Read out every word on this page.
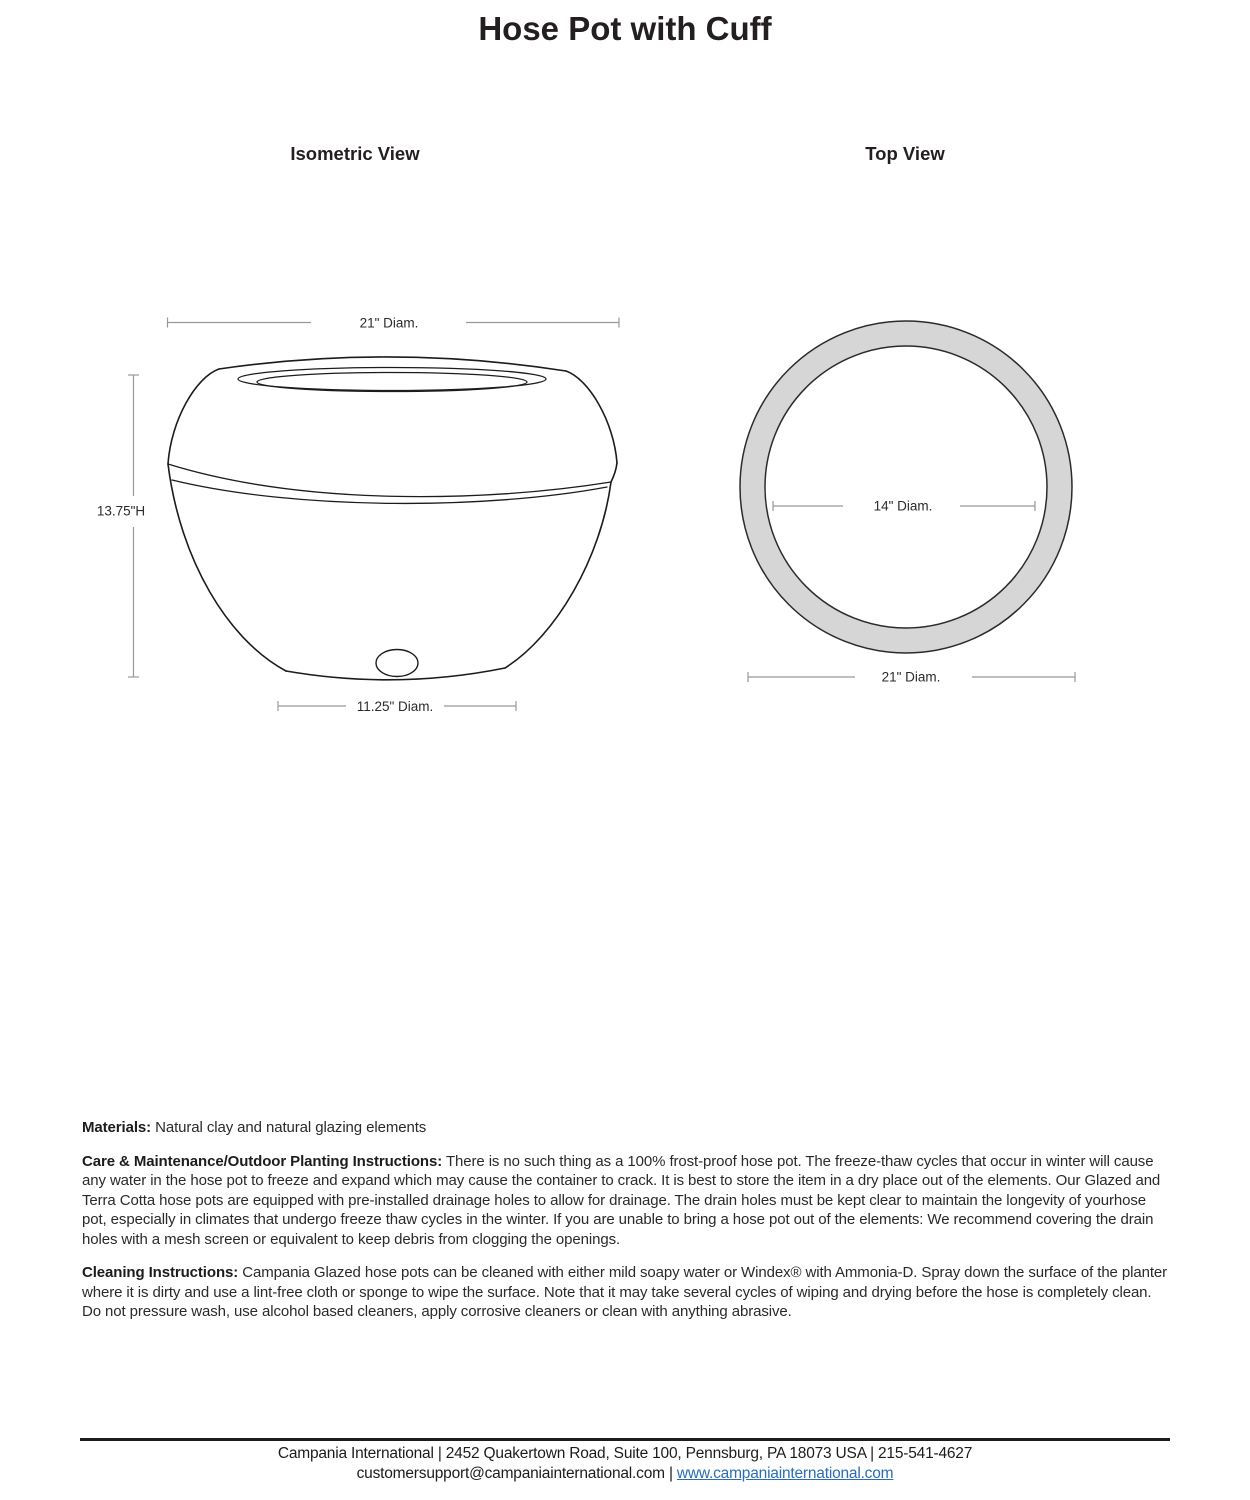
Hose Pot with Cuff
Isometric View	Top View
21" Diam.
13.75"H
11.25" Diam.
14" Diam.
21" Diam.

Materials: Natural clay and natural glazing elements

Care & Maintenance/Outdoor Planting Instructions: There is no such thing as a 100% frost-proof hose pot. The freeze-thaw cycles that occur in winter will cause any water in the hose pot to freeze and expand which may cause the container to crack. It is best to store the item in a dry place out of the elements. Our Glazed and Terra Cotta hose pots are equipped with pre-installed drainage holes to allow for drainage. The drain holes must be kept clear to maintain the longevity of yourhose pot, especially in climates that undergo freeze thaw cycles in the winter. If you are unable to bring a hose pot out of the elements: We recommend covering the drain holes with a mesh screen or equivalent to keep debris from clogging the openings.

Cleaning Instructions: Campania Glazed hose pots can be cleaned with either mild soapy water or Windex® with Ammonia-D. Spray down the surface of the planter where it is dirty and use a lint-free cloth or sponge to wipe the surface. Note that it may take several cycles of wiping and drying before the hose is completely clean. Do not pressure wash, use alcohol based cleaners, apply corrosive cleaners or clean with anything abrasive.

Campania International | 2452 Quakertown Road, Suite 100, Pennsburg, PA 18073 USA | 215-541-4627
customersupport@campaniainternational.com | www.campaniainternational.com
